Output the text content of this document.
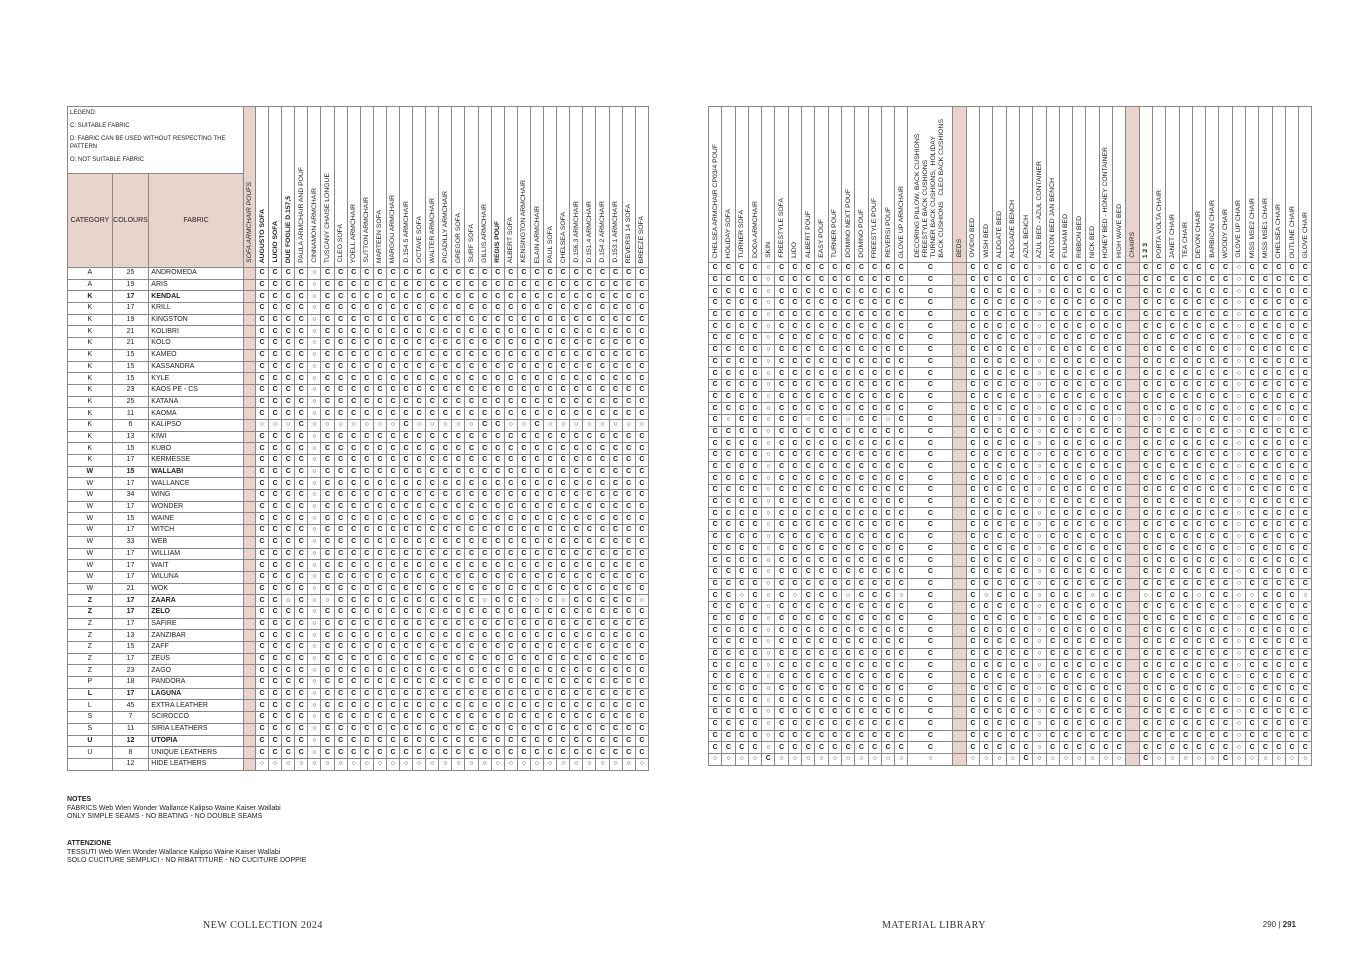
LEGEND:
C: SUITABLE FABRIC
D: FABRIC CAN BE USED WITHOUT RESPECTING THE PATTERN
O: NOT SUITABLE FABRIC			SOFA ARMCHAIR POUFS	AUGUSTO SOFA	LUCIO SOFA	DUE FOGLIE D.157,5	PAULA ARMCHAIR AND POUF	CINNAMON ARMCHAIR	TUSCANY CHAISE LONGUE	CLEO SOFA	YOELL ARMCHAIR	SUTTON ARMCHAIR	MARTEEN SOFA	MARGOU ARMCHAIR	D.154.5 ARMCHAIR	OCTAVE SOFA	WALTER ARMCHAIR	PICADILLY ARMCHAIR	GREGOR SOFA	SURF SOFA	GILLIS ARMCHAIR	REGIS POUF	ALBERT SOFA	KENSINGTON ARMCHAIR	ELAIN ARMCHAIR	PAUL SOFA	CHELSEA SOFA	D.156.3 ARMCHAIR	D.151.4 ARMCHAIR	D.154.2 ARMCHAIR	D.153.1 ARMCHAIR	REVERSI 14 SOFA	BREEZE SOFA
CATEGORY	COLOURS	FABRIC																															
A	25	ANDROMEDA		C	C	C	C	○	C	C	C	C	C	C	C	C	C	C	C	C	C	C	C	C	C	C	C	C	C	C	C	C	C
A	19	ARIS		C	C	C	C	○	C	C	C	C	C	C	C	C	C	C	C	C	C	C	C	C	C	C	C	C	C	C	C	C	C
K	17	KENDAL		C	C	C	C	○	C	C	C	C	C	C	C	C	C	C	C	C	C	C	C	C	C	C	C	C	C	C	C	C	C
K	17	KRILL		C	C	C	C	○	C	C	C	C	C	C	C	C	C	C	C	C	C	C	C	C	C	C	C	C	C	C	C	C	C
K	19	KINGSTON		C	C	C	C	○	C	C	C	C	C	C	C	C	C	C	C	C	C	C	C	C	C	C	C	C	C	C	C	C	C
K	21	KOLIBRI		C	C	C	C	○	C	C	C	C	C	C	C	C	C	C	C	C	C	C	C	C	C	C	C	C	C	C	C	C	C
K	21	KOLO		C	C	C	C	○	C	C	C	C	C	C	C	C	C	C	C	C	C	C	C	C	C	C	C	C	C	C	C	C	C
K	15	KAMEO		C	C	C	C	○	C	C	C	C	C	C	C	C	C	C	C	C	C	C	C	C	C	C	C	C	C	C	C	C	C
K	15	KASSANDRA		C	C	C	C	○	C	C	C	C	C	C	C	C	C	C	C	C	C	C	C	C	C	C	C	C	C	C	C	C	C
K	15	KYLE		C	C	C	C	○	C	C	C	C	C	C	C	C	C	C	C	C	C	C	C	C	C	C	C	C	C	C	C	C	C
K	23	KAOS PE - CS		C	C	C	C	○	C	C	C	C	C	C	C	C	C	C	C	C	C	C	C	C	C	C	C	C	C	C	C	C	C
K	25	KATANA		C	C	C	C	○	C	C	C	C	C	C	C	C	C	C	C	C	C	C	C	C	C	C	C	C	C	C	C	C	C
K	11	KAOMA		C	C	C	C	○	C	C	C	C	C	C	C	C	C	C	C	C	C	C	C	C	C	C	C	C	C	C	C	C	C
K	6	KALIPSO		○	○	○	C	○	○	○	○	○	○	○	C	○	○	○	○	○	C	C	○	○	C	○	○	○	○	○	○	○	○
K	13	KIWI		C	C	C	C	○	C	C	C	C	C	C	C	C	C	C	C	C	C	C	C	C	C	C	C	C	C	C	C	C	C
K	15	KUBO		C	C	C	C	○	C	C	C	C	C	C	C	C	C	C	C	C	C	C	C	C	C	C	C	C	C	C	C	C	C
K	17	KERMESSE		C	C	C	C	○	C	C	C	C	C	C	C	C	C	C	C	C	C	C	C	C	C	C	C	C	C	C	C	C	C
W	15	WALLABI		C	C	C	C	○	C	C	C	C	C	C	C	C	C	C	C	C	C	C	C	C	C	C	C	C	C	C	C	C	C
W	17	WALLANCE		C	C	C	C	○	C	C	C	C	C	C	C	C	C	C	C	C	C	C	C	C	C	C	C	C	C	C	C	C	C
W	34	WING		C	C	C	C	○	C	C	C	C	C	C	C	C	C	C	C	C	C	C	C	C	C	C	C	C	C	C	C	C	C
W	17	WONDER		C	C	C	C	○	C	C	C	C	C	C	C	C	C	C	C	C	C	C	C	C	C	C	C	C	C	C	C	C	C
W	15	WAINE		C	C	C	C	○	C	C	C	C	C	C	C	C	C	C	C	C	C	C	C	C	C	C	C	C	C	C	C	C	C
W	17	WITCH		C	C	C	C	○	C	C	C	C	C	C	C	C	C	C	C	C	C	C	C	C	C	C	C	C	C	C	C	C	C
W	33	WEB		C	C	C	C	○	C	C	C	C	C	C	C	C	C	C	C	C	C	C	C	C	C	C	C	C	C	C	C	C	C
W	17	WILLIAM		C	C	C	C	○	C	C	C	C	C	C	C	C	C	C	C	C	C	C	C	C	C	C	C	C	C	C	C	C	C
W	17	WAIT		C	C	C	C	○	C	C	C	C	C	C	C	C	C	C	C	C	C	C	C	C	C	C	C	C	C	C	C	C	C
W	17	WILUNA		C	C	C	C	○	C	C	C	C	C	C	C	C	C	C	C	C	C	C	C	C	C	C	C	C	C	C	C	C	C
W	21	WOK		C	C	C	C	○	C	C	C	C	C	C	C	C	C	C	C	C	C	C	C	C	C	C	C	C	C	C	C	C	C
Z	17	ZAARA		C	C	○	C	○	○	C	C	C	C	C	C	C	C	C	C	C	○	C	C	C	○	C	○	C	C	C	C	C	○
Z	17	ZELO		C	C	C	C	○	C	C	C	C	C	C	C	C	C	C	C	C	C	C	C	C	C	C	C	C	C	C	C	C	C
Z	17	SAFIRE		C	C	C	C	○	C	C	C	C	C	C	C	C	C	C	C	C	C	C	C	C	C	C	C	C	C	C	C	C	C
Z	13	ZANZIBAR		C	C	C	C	○	C	C	C	C	C	C	C	C	C	C	C	C	C	C	C	C	C	C	C	C	C	C	C	C	C
Z	15	ZAFF		C	C	C	C	○	C	C	C	C	C	C	C	C	C	C	C	C	C	C	C	C	C	C	C	C	C	C	C	C	C
Z	17	ZEUS		C	C	C	C	○	C	C	C	C	C	C	C	C	C	C	C	C	C	C	C	C	C	C	C	C	C	C	C	C	C
Z	23	ZAGO		C	C	C	C	○	C	C	C	C	C	C	C	C	C	C	C	C	C	C	C	C	C	C	C	C	C	C	C	C	C
P	18	PANDORA		C	C	C	C	○	C	C	C	C	C	C	C	C	C	C	C	C	C	C	C	C	C	C	C	C	C	C	C	C	C
L	17	LAGUNA		C	C	C	C	○	C	C	C	C	C	C	C	C	C	C	C	C	C	C	C	C	C	C	C	C	C	C	C	C	C
L	45	EXTRA LEATHER		C	C	C	C	○	C	C	C	C	C	C	C	C	C	C	C	C	C	C	C	C	C	C	C	C	C	C	C	C	C
S	7	SCIROCCO		C	C	C	C	○	C	C	C	C	C	C	C	C	C	C	C	C	C	C	C	C	C	C	C	C	C	C	C	C	C
S	11	SIRIA LEATHERS		C	C	C	C	○	C	C	C	C	C	C	C	C	C	C	C	C	C	C	C	C	C	C	C	C	C	C	C	C	C
U	12	UTOPIA		C	C	C	C	○	C	C	C	C	C	C	C	C	C	C	C	C	C	C	C	C	C	C	C	C	C	C	C	C	C
U	8	UNIQUE LEATHERS		C	C	C	C	○	C	C	C	C	C	C	C	C	C	C	C	C	C	C	C	C	C	C	C	C	C	C	C	C	C
	12	HIDE LEATHERS		○	○	○	○	○	○	○	○	○	○	○	○	○	○	○	○	○	○	○	○	○	○	○	○	○	○	○	○	○	○
NOTES
FABRICS Web Wien Wonder Wallance Kalipso Waine Kaiser Wallabi
ONLY SIMPLE SEAMS - NO BEATING - NO DOUBLE SEAMS
ATTENZIONE
TESSUTI Web Wien Wonder Wallance Kalipso Waine Kaiser Wallabi
SOLO CUCITURE SEMPLICI - NO RIBATTITURE - NO CUCITURE DOPPIE
NEW COLLECTION 2024
CHELSEA ARMCHAIR CP03/4 POUF	HOLIDAY SOFA	TURNER SOFA	DODA ARMCHAIR	SKIN	FREESTYLE SOFA	LIDO	ALBERT POUF	EASY POUF	TURNER POUF	DOMINO NEXT POUF	DOMINO POUF	FREESTYLE POUF	REVERSI POUF	GLOVE UP ARMCHAIR	DECORING PILLOW, BACK CUSHIONS
FREESTYLE BACK CUSHIONS
TURNER BACK CUSHIONS,  HOLIDAY
BACK CUSHIONS   CLEO BACK CUSHIONS	BEDS	OVIDIO BED	WISH BED	ALDGATE BED	ALDGADE BENCH	AZUL BENCH	AZUL BED - AZUL CONTAINER	ANTON BED JAN BENCH	FULHAM BED	RIBBON BED	NICK BED	HONEY BED - HONEY CONTAINER	HIGH WAVE BED	CHAIRS	1 2 3	PORTA VOLTA CHAIR	JANET CHAIR	TEA CHAIR	DEVON CHAIR	BARBICAN CHAIR	WOODY CHAIR	GLOVE UP CHAIR	MISS MSE2 CHAIR	MISS MSE1 CHAIR	CHELSEA CHAIR	OUTLINE CHAIR	GLOVE CHAIR
C	C	C	C	○	C	C	C	C	C	C	C	C	C	C	C		C	C	C	C	C	○	C	C	C	C	C	C		C	C	C	C	C	C	C	○	C	C	C	C	C
C	C	C	C	○	C	C	C	C	C	C	C	C	C	C	C		C	C	C	C	C	○	C	C	C	C	C	C		C	C	C	C	C	C	C	○	C	C	C	C	C
C	C	C	C	○	C	C	C	C	C	C	C	C	C	C	C		C	C	C	C	C	○	C	C	C	C	C	C		C	C	C	C	C	C	C	○	C	C	C	C	C
C	C	C	C	○	C	C	C	C	C	C	C	C	C	C	C		C	C	C	C	C	○	C	C	C	C	C	C		C	C	C	C	C	C	C	○	C	C	C	C	C
C	C	C	C	○	C	C	C	C	C	C	C	C	C	C	C		C	C	C	C	C	○	C	C	C	C	C	C		C	C	C	C	C	C	C	○	C	C	C	C	C
C	C	C	C	○	C	C	C	C	C	C	C	C	C	C	C		C	C	C	C	C	○	C	C	C	C	C	C		C	C	C	C	C	C	C	○	C	C	C	C	C
C	C	C	C	○	C	C	C	C	C	C	C	C	C	C	C		C	C	C	C	C	○	C	C	C	C	C	C		C	C	C	C	C	C	C	○	C	C	C	C	C
C	C	C	C	○	C	C	C	C	C	C	C	C	C	C	C		C	C	C	C	C	○	C	C	C	C	C	C		C	C	C	C	C	C	C	○	C	C	C	C	C
C	C	C	C	○	C	C	C	C	C	C	C	C	C	C	C		C	C	C	C	C	○	C	C	C	C	C	C		C	C	C	C	C	C	C	○	C	C	C	C	C
C	C	C	C	○	C	C	C	C	C	C	C	C	C	C	C		C	C	C	C	C	○	C	C	C	C	C	C		C	C	C	C	C	C	C	○	C	C	C	C	C
C	C	C	C	○	C	C	C	C	C	C	C	C	C	C	C		C	C	C	C	C	○	C	C	C	C	C	C		C	C	C	C	C	C	C	○	C	C	C	C	C
C	C	C	C	○	C	C	C	C	C	C	C	C	C	C	C		C	C	C	C	C	○	C	C	C	C	C	C		C	C	C	C	C	C	C	○	C	C	C	C	C
C	C	C	C	○	C	C	C	C	C	C	C	C	C	C	C		C	C	C	C	C	○	C	C	C	C	C	C		C	C	C	C	C	C	C	○	C	C	C	C	C
C	○	C	C	○	C	C	○	C	C	○	C	C	○	C	C		C	C	○	C	C	○	C	C	○	C	C	○		C	○	C	C	○	C	C	○	C	C	○	C	C
C	C	C	C	○	C	C	C	C	C	C	C	C	C	C	C		C	C	C	C	C	○	C	C	C	C	C	C		C	C	C	C	C	C	C	○	C	C	C	C	C
C	C	C	C	○	C	C	C	C	C	C	C	C	C	C	C		C	C	C	C	C	○	C	C	C	C	C	C		C	C	C	C	C	C	C	○	C	C	C	C	C
C	C	C	C	○	C	C	C	C	C	C	C	C	C	C	C		C	C	C	C	C	○	C	C	C	C	C	C		C	C	C	C	C	C	C	○	C	C	C	C	C
C	C	C	C	○	C	C	C	C	C	C	C	C	C	C	C		C	C	C	C	C	○	C	C	C	C	C	C		C	C	C	C	C	C	C	○	C	C	C	C	C
C	C	C	C	○	C	C	C	C	C	C	C	C	C	C	C		C	C	C	C	C	○	C	C	C	C	C	C		C	C	C	C	C	C	C	○	C	C	C	C	C
C	C	C	C	○	C	C	C	C	C	C	C	C	C	C	C		C	C	C	C	C	○	C	C	C	C	C	C		C	C	C	C	C	C	C	○	C	C	C	C	C
C	C	C	C	○	C	C	C	C	C	C	C	C	C	C	C		C	C	C	C	C	○	C	C	C	C	C	C		C	C	C	C	C	C	C	○	C	C	C	C	C
C	C	C	C	○	C	C	C	C	C	C	C	C	C	C	C		C	C	C	C	C	○	C	C	C	C	C	C		C	C	C	C	C	C	C	○	C	C	C	C	C
C	C	C	C	○	C	C	C	C	C	C	C	C	C	C	C		C	C	C	C	C	○	C	C	C	C	C	C		C	C	C	C	C	C	C	○	C	C	C	C	C
C	C	C	C	○	C	C	C	C	C	C	C	C	C	C	C		C	C	C	C	C	○	C	C	C	C	C	C		C	C	C	C	C	C	C	○	C	C	C	C	C
C	C	C	C	○	C	C	C	C	C	C	C	C	C	C	C		C	C	C	C	C	○	C	C	C	C	C	C		C	C	C	C	C	C	C	○	C	C	C	C	C
C	C	C	C	○	C	C	C	C	C	C	C	C	C	C	C		C	C	C	C	C	○	C	C	C	C	C	C		C	C	C	C	C	C	C	○	C	C	C	C	C
C	C	C	C	○	C	C	C	C	C	C	C	C	C	C	C		C	C	C	C	C	○	C	C	C	C	C	C		C	C	C	C	C	C	C	○	C	C	C	C	C
C	C	C	C	○	C	C	C	C	C	C	C	C	C	C	C		C	C	C	C	C	○	C	C	C	C	C	C		C	C	C	C	C	C	C	○	C	C	C	C	C
C	C	○	C	○	C	○	C	C	C	○	C	C	C	○	C		C	○	C	C	C	○	C	C	C	○	C	C		○	C	C	C	○	C	C	○	○	C	C	C	○
C	C	C	C	○	C	C	C	C	C	C	C	C	C	C	C		C	C	C	C	C	○	C	C	C	C	C	C		C	C	C	C	C	C	C	○	C	C	C	C	C
C	C	C	C	○	C	C	C	C	C	C	C	C	C	C	C		C	C	C	C	C	○	C	C	C	C	C	C		C	C	C	C	C	C	C	○	C	C	C	C	C
C	C	C	C	○	C	C	C	C	C	C	C	C	C	C	C		C	C	C	C	C	○	C	C	C	C	C	C		C	C	C	C	C	C	C	○	C	C	C	C	C
C	C	C	C	○	C	C	C	C	C	C	C	C	C	C	C		C	C	C	C	C	○	C	C	C	C	C	C		C	C	C	C	C	C	C	○	C	C	C	C	C
C	C	C	C	○	C	C	C	C	C	C	C	C	C	C	C		C	C	C	C	C	○	C	C	C	C	C	C		C	C	C	C	C	C	C	○	C	C	C	C	C
C	C	C	C	○	C	C	C	C	C	C	C	C	C	C	C		C	C	C	C	C	○	C	C	C	C	C	C		C	C	C	C	C	C	C	○	C	C	C	C	C
C	C	C	C	○	C	C	C	C	C	C	C	C	C	C	C		C	C	C	C	C	○	C	C	C	C	C	C		C	C	C	C	C	C	C	○	C	C	C	C	C
C	C	C	C	○	C	C	C	C	C	C	C	C	C	C	C		C	C	C	C	C	○	C	C	C	C	C	C		C	C	C	C	C	C	C	○	C	C	C	C	C
C	C	C	C	○	C	C	C	C	C	C	C	C	C	C	C		C	C	C	C	C	○	C	C	C	C	C	C		C	C	C	C	C	C	C	○	C	C	C	C	C
C	C	C	C	○	C	C	C	C	C	C	C	C	C	C	C		C	C	C	C	C	○	C	C	C	C	C	C		C	C	C	C	C	C	C	○	C	C	C	C	C
C	C	C	C	○	C	C	C	C	C	C	C	C	C	C	C		C	C	C	C	C	○	C	C	C	C	C	C		C	C	C	C	C	C	C	○	C	C	C	C	C
C	C	C	C	○	C	C	C	C	C	C	C	C	C	C	C		C	C	C	C	C	○	C	C	C	C	C	C		C	C	C	C	C	C	C	○	C	C	C	C	C
C	C	C	C	○	C	C	C	C	C	C	C	C	C	C	C		C	C	C	C	C	○	C	C	C	C	C	C		C	C	C	C	C	C	C	○	C	C	C	C	C
○	○	○	○	C	○	○	○	○	○	○	○	○	○	○	○		○	○	○	○	C	○	○	○	○	○	○	○		C	○	○	○	○	○	C	○	○	○	○	○	○
MATERIAL LIBRARY	290 | 291
